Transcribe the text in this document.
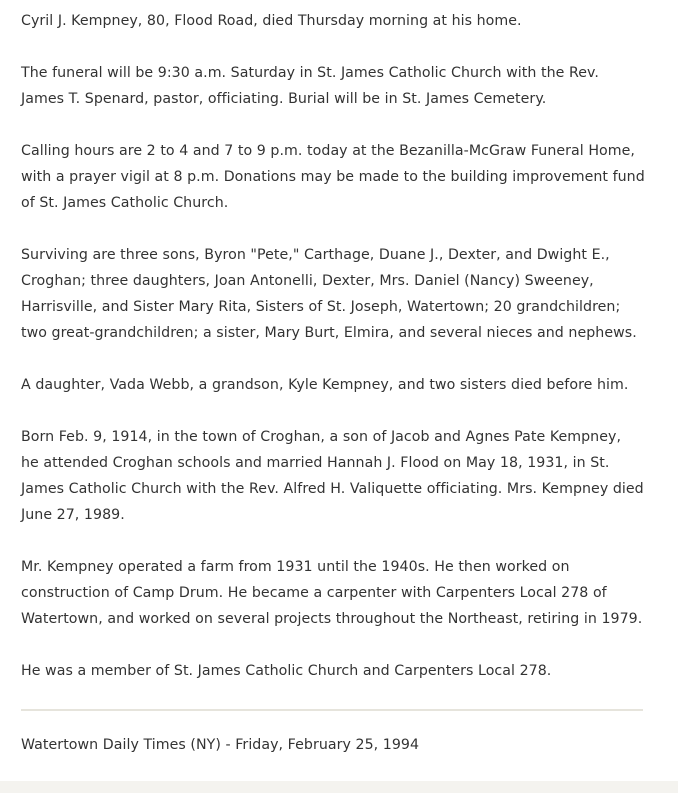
Cyril J. Kempney, 80, Flood Road, died Thursday morning at his home.

The funeral will be 9:30 a.m. Saturday in St. James Catholic Church with the Rev.
James T. Spenard, pastor, officiating. Burial will be in St. James Cemetery.

Calling hours are 2 to 4 and 7 to 9 p.m. today at the Bezanilla-McGraw Funeral Home,
with a prayer vigil at 8 p.m. Donations may be made to the building improvement fund
of St. James Catholic Church.

Surviving are three sons, Byron "Pete," Carthage, Duane J., Dexter, and Dwight E.,
Croghan; three daughters, Joan Antonelli, Dexter, Mrs. Daniel (Nancy) Sweeney,
Harrisville, and Sister Mary Rita, Sisters of St. Joseph, Watertown; 20 grandchildren;
two great-grandchildren; a sister, Mary Burt, Elmira, and several nieces and nephews.

A daughter, Vada Webb, a grandson, Kyle Kempney, and two sisters died before him.

Born Feb. 9, 1914, in the town of Croghan, a son of Jacob and Agnes Pate Kempney,
he attended Croghan schools and married Hannah J. Flood on May 18, 1931, in St.
James Catholic Church with the Rev. Alfred H. Valiquette officiating. Mrs. Kempney died
June 27, 1989.

Mr. Kempney operated a farm from 1931 until the 1940s. He then worked on
construction of Camp Drum. He became a carpenter with Carpenters Local 278 of
Watertown, and worked on several projects throughout the Northeast, retiring in 1979.

He was a member of St. James Catholic Church and Carpenters Local 278.

Watertown Daily Times (NY) - Friday, February 25, 1994
